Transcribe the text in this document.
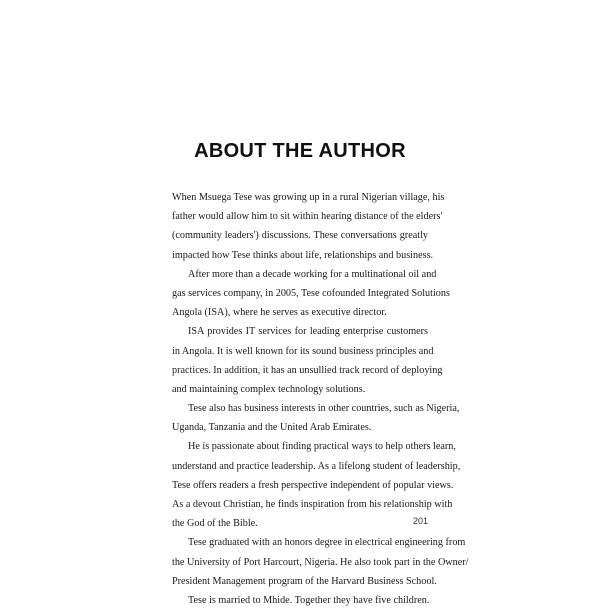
ABOUT THE AUTHOR
When Msuega Tese was growing up in a rural Nigerian village, his
father would allow him to sit within hearing distance of the elders'
(community leaders') discussions. These conversations greatly
impacted how Tese thinks about life, relationships and business.
After more than a decade working for a multinational oil and
gas services company, in 2005, Tese cofounded Integrated Solutions
Angola (ISA), where he serves as executive director.
ISA provides IT services for leading enterprise customers
in Angola. It is well known for its sound business principles and
practices. In addition, it has an unsullied track record of deploying
and maintaining complex technology solutions.
Tese also has business interests in other countries, such as Nigeria,
Uganda, Tanzania and the United Arab Emirates.
He is passionate about finding practical ways to help others learn,
understand and practice leadership. As a lifelong student of leadership,
Tese offers readers a fresh perspective independent of popular views.
As a devout Christian, he finds inspiration from his relationship with
the God of the Bible.
Tese graduated with an honors degree in electrical engineering from
the University of Port Harcourt, Nigeria. He also took part in the Owner/
President Management program of the Harvard Business School.
Tese is married to Mhide. Together they have five children.
201
